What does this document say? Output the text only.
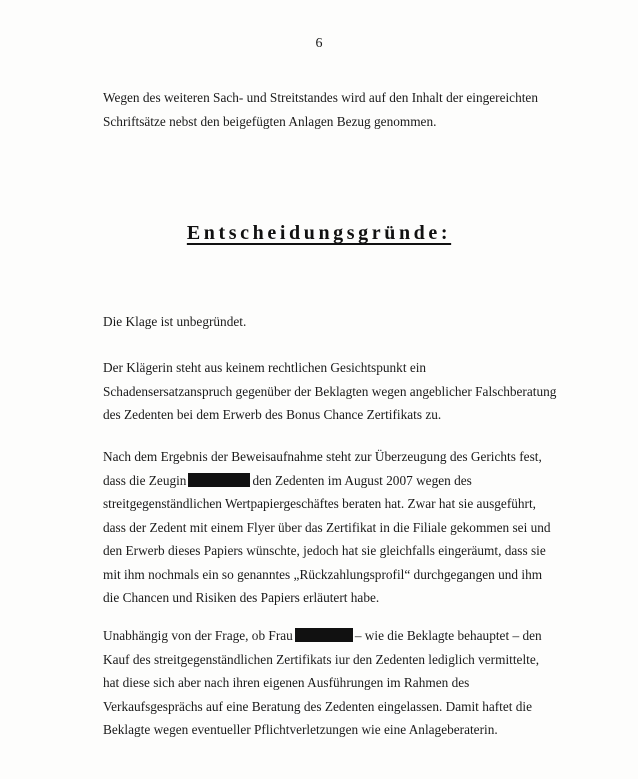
6

Wegen des weiteren Sach- und Streitstandes wird auf den Inhalt der eingereichten Schriftsätze nebst den beigefügten Anlagen Bezug genommen.

Entscheidungsgründe:

Die Klage ist unbegründet.

Der Klägerin steht aus keinem rechtlichen Gesichtspunkt ein Schadensersatzanspruch gegenüber der Beklagten wegen angeblicher Falschberatung des Zedenten bei dem Erwerb des Bonus Chance Zertifikats zu.

Nach dem Ergebnis der Beweisaufnahme steht zur Überzeugung des Gerichts fest, dass die Zeugin	den Zedenten im August 2007 wegen des streitgegenständlichen Wertpapiergeschäftes beraten hat. Zwar hat sie ausgeführt, dass der Zedent mit einem Flyer über das Zertifikat in die Filiale gekommen sei und den Erwerb dieses Papiers wünschte, jedoch hat sie gleichfalls eingeräumt, dass sie mit ihm nochmals ein so genanntes „Rückzahlungsprofil“ durchgegangen und ihm die Chancen und Risiken des Papiers erläutert habe.

Unabhängig von der Frage, ob Frau	– wie die Beklagte behauptet – den Kauf des streitgegenständlichen Zertifikats iur den Zedenten lediglich vermittelte, hat diese sich aber nach ihren eigenen Ausführungen im Rahmen des Verkaufsgesprächs auf eine Beratung des Zedenten eingelassen. Damit haftet die Beklagte wegen eventueller Pflichtverletzungen wie eine Anlageberaterin.
